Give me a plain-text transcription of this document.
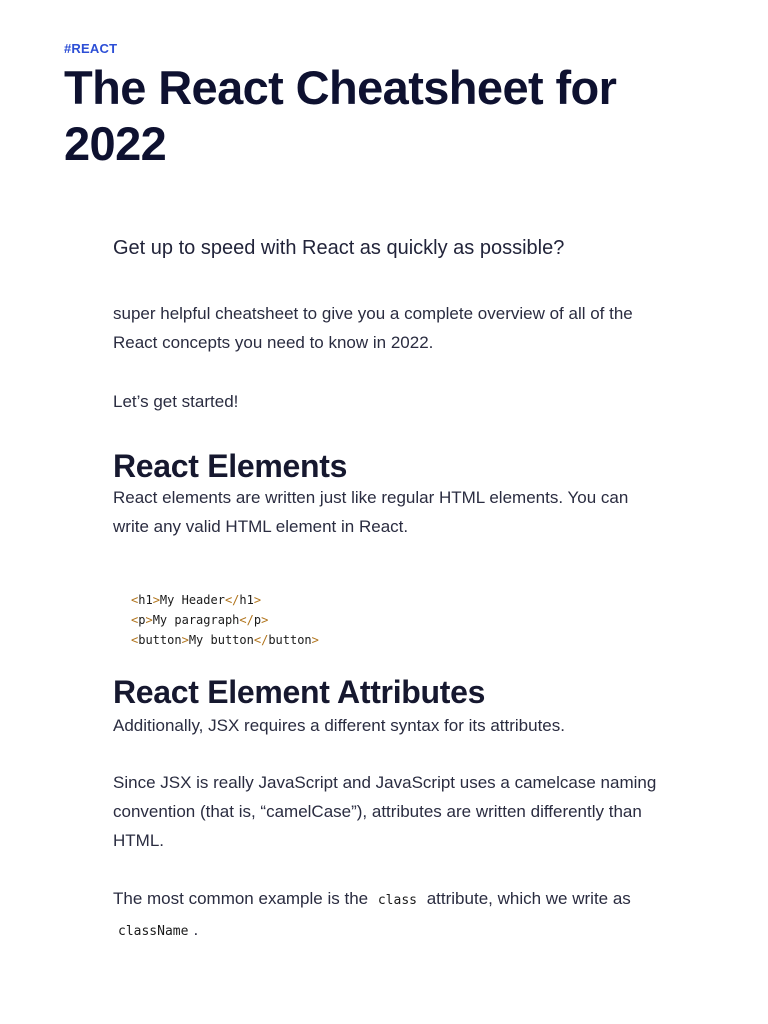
#REACT
The React Cheatsheet for 2022

Get up to speed with React as quickly as possible?

super helpful cheatsheet to give you a complete overview of all of the React concepts you need to know in 2022.

Let’s get started!

React Elements

React elements are written just like regular HTML elements. You can write any valid HTML element in React.

<h1>My Header</h1>
<p>My paragraph</p>
<button>My button</button>
React Element Attributes

Additionally, JSX requires a different syntax for its attributes.

Since JSX is really JavaScript and JavaScript uses a camelcase naming convention (that is, “camelCase”), attributes are written differently than HTML.

The most common example is the class attribute, which we write as
className .
